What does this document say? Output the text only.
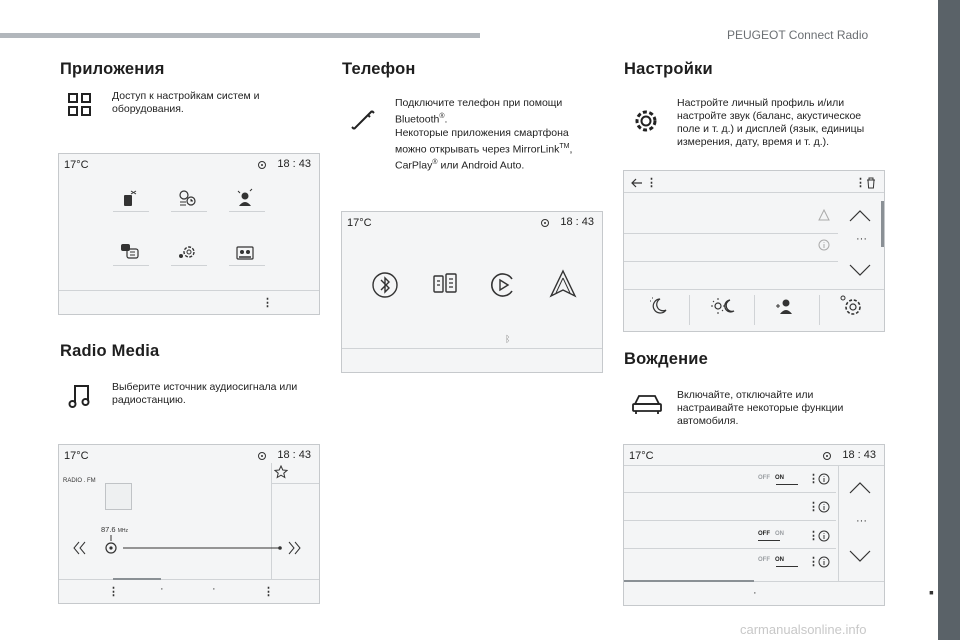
PEUGEOT Connect Radio
▪
carmanualsonline.info
Приложения
Доступ к настройкам систем и
оборудования.
17°C	18 : 43
⋮
Radio Media
Выберите источник аудиосигнала или
радиостанцию.
17°C	18 : 43
RADIO . FM
87.6 MHz
⋮	·	·	⋮
Телефон
Подключите телефон при помощи
Bluetooth®.
Некоторые приложения смартфона
можно открывать через MirrorLink™,
CarPlay® или Android Auto.
17°C	18 : 43
ᛒ
Настройки
Настройте личный профиль и/или
настройте звук (баланс, акустическое
поле и т. д.) и дисплей (язык, единицы
измерения, дату, время и т. д.).
⋮	⋮
···
Вождение
Включайте, отключайте или
настраивайте некоторые функции
автомобиля.
17°C	18 : 43
OFF ON ⋮
⋮
OFF ON ⋮
OFF ON ⋮
···
·
